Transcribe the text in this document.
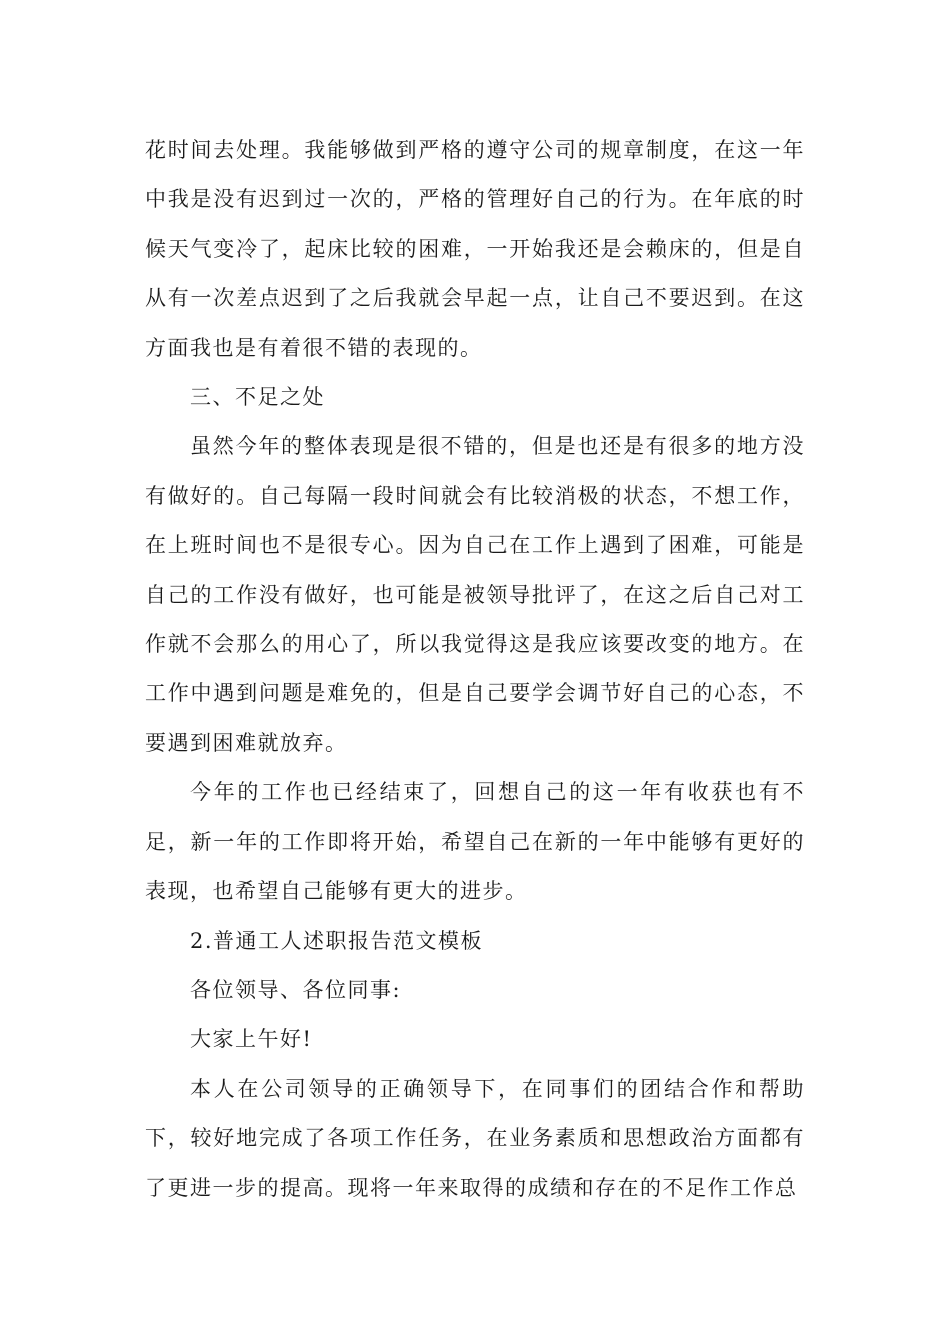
花时间去处理。我能够做到严格的遵守公司的规章制度，在这一年中我是没有迟到过一次的，严格的管理好自己的行为。在年底的时候天气变冷了，起床比较的困难，一开始我还是会赖床的，但是自从有一次差点迟到了之后我就会早起一点，让自己不要迟到。在这方面我也是有着很不错的表现的。

三、不足之处

虽然今年的整体表现是很不错的，但是也还是有很多的地方没有做好的。自己每隔一段时间就会有比较消极的状态，不想工作，在上班时间也不是很专心。因为自己在工作上遇到了困难，可能是自己的工作没有做好，也可能是被领导批评了，在这之后自己对工作就不会那么的用心了，所以我觉得这是我应该要改变的地方。在工作中遇到问题是难免的，但是自己要学会调节好自己的心态，不要遇到困难就放弃。

今年的工作也已经结束了，回想自己的这一年有收获也有不足，新一年的工作即将开始，希望自己在新的一年中能够有更好的表现，也希望自己能够有更大的进步。

2.普通工人述职报告范文模板

各位领导、各位同事:

大家上午好!

本人在公司领导的正确领导下，在同事们的团结合作和帮助下，较好地完成了各项工作任务，在业务素质和思想政治方面都有了更进一步的提高。现将一年来取得的成绩和存在的不足作工作总
